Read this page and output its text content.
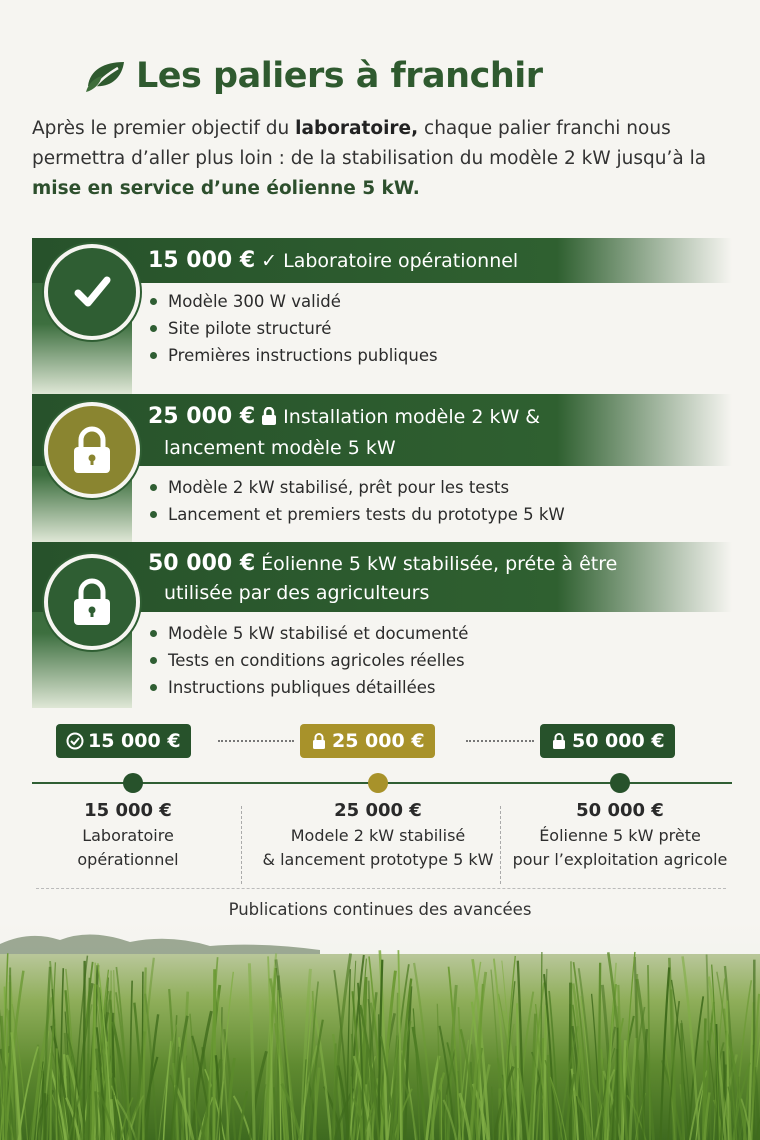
Les paliers à franchir
Après le premier objectif du laboratoire, chaque palier franchi nous permettra d’aller plus loin : de la stabilisation du modèle 2 kW jusqu’à la mise en service d’une éolienne 5 kW.
15 000 € ✓ Laboratoire opérationnel
Modèle 300 W validé
Site pilote structuré
Premières instructions publiques
25 000 € Installation modèle 2 kW &
lancement modèle 5 kW
Modèle 2 kW stabilisé, prêt pour les tests
Lancement et premiers tests du prototype 5 kW
50 000 € Éolienne 5 kW stabilisée, préte à être
utilisée par des agriculteurs
Modèle 5 kW stabilisé et documenté
Tests en conditions agricoles réelles
Instructions publiques détaillées
15 000 €	25 000 €	50 000 €
15 000 €
Laboratoire
opérationnel
25 000 €
Modele 2 kW stabilisé
& lancement prototype 5 kW
50 000 €
Éolienne 5 kW prète
pour l’exploitation agricole
Publications continues des avancées
